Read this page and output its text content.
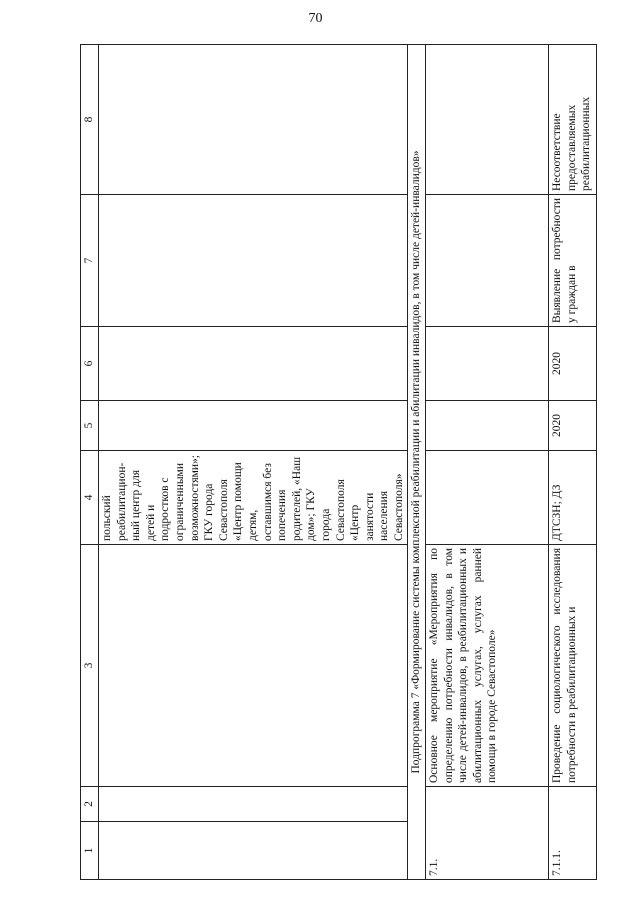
70
1	2	3	4	5	6	7	8
			польский реабилитацион-ный центр для детей и подростков с ограниченными возможностями»; ГКУ города Севастополя «Центр помощи детям, оставшимся без попечения родителей, «Наш дом»; ГКУ города Севастополя «Центр занятости населения Севастополя»				
Подпрограмма 7 «Формирование системы комплексной реабилитации и абилитации инвалидов, в том числе детей-инвалидов»							
7.1.		Основное мероприятие «Мероприятия по определению потребности инвалидов, в том числе детей-инвалидов, в реабилитационных и абилитационных услугах, услугах ранней помощи в городе Севастополе»					
7.1.1.		Проведение социологического исследования потребности в реабилитационных и	ДТСЗН; ДЗ	2020	2020	Выявление потребности у граждан в	Несоответствие предоставляемых реабилитационных
